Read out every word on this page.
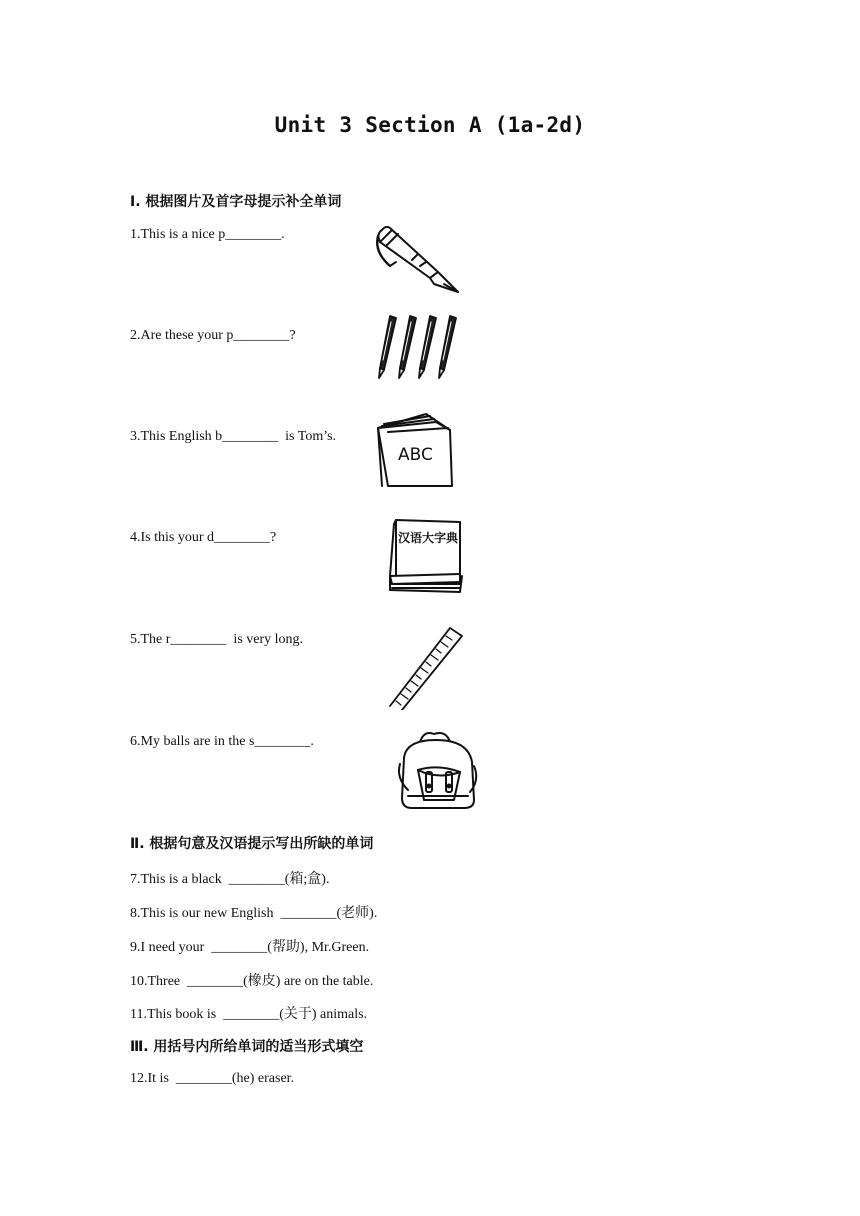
Unit 3 Section A (1a-2d)
Ⅰ. 根据图片及首字母提示补全单词
1.This is a nice p________.
2.Are these your p________?
3.This English b________  is Tom’s.
4.Is this your d________?
5.The r________  is very long.
6.My balls are in the s________.
ABC
汉语大字典
Ⅱ. 根据句意及汉语提示写出所缺的单词
7.This is a black  ________(箱;盒).
8.This is our new English  ________(老师).
9.I need your  ________(帮助), Mr.Green.
10.Three  ________(橡皮) are on the table.
11.This book is  ________(关于) animals.
Ⅲ. 用括号内所给单词的适当形式填空
12.It is  ________(he) eraser.
